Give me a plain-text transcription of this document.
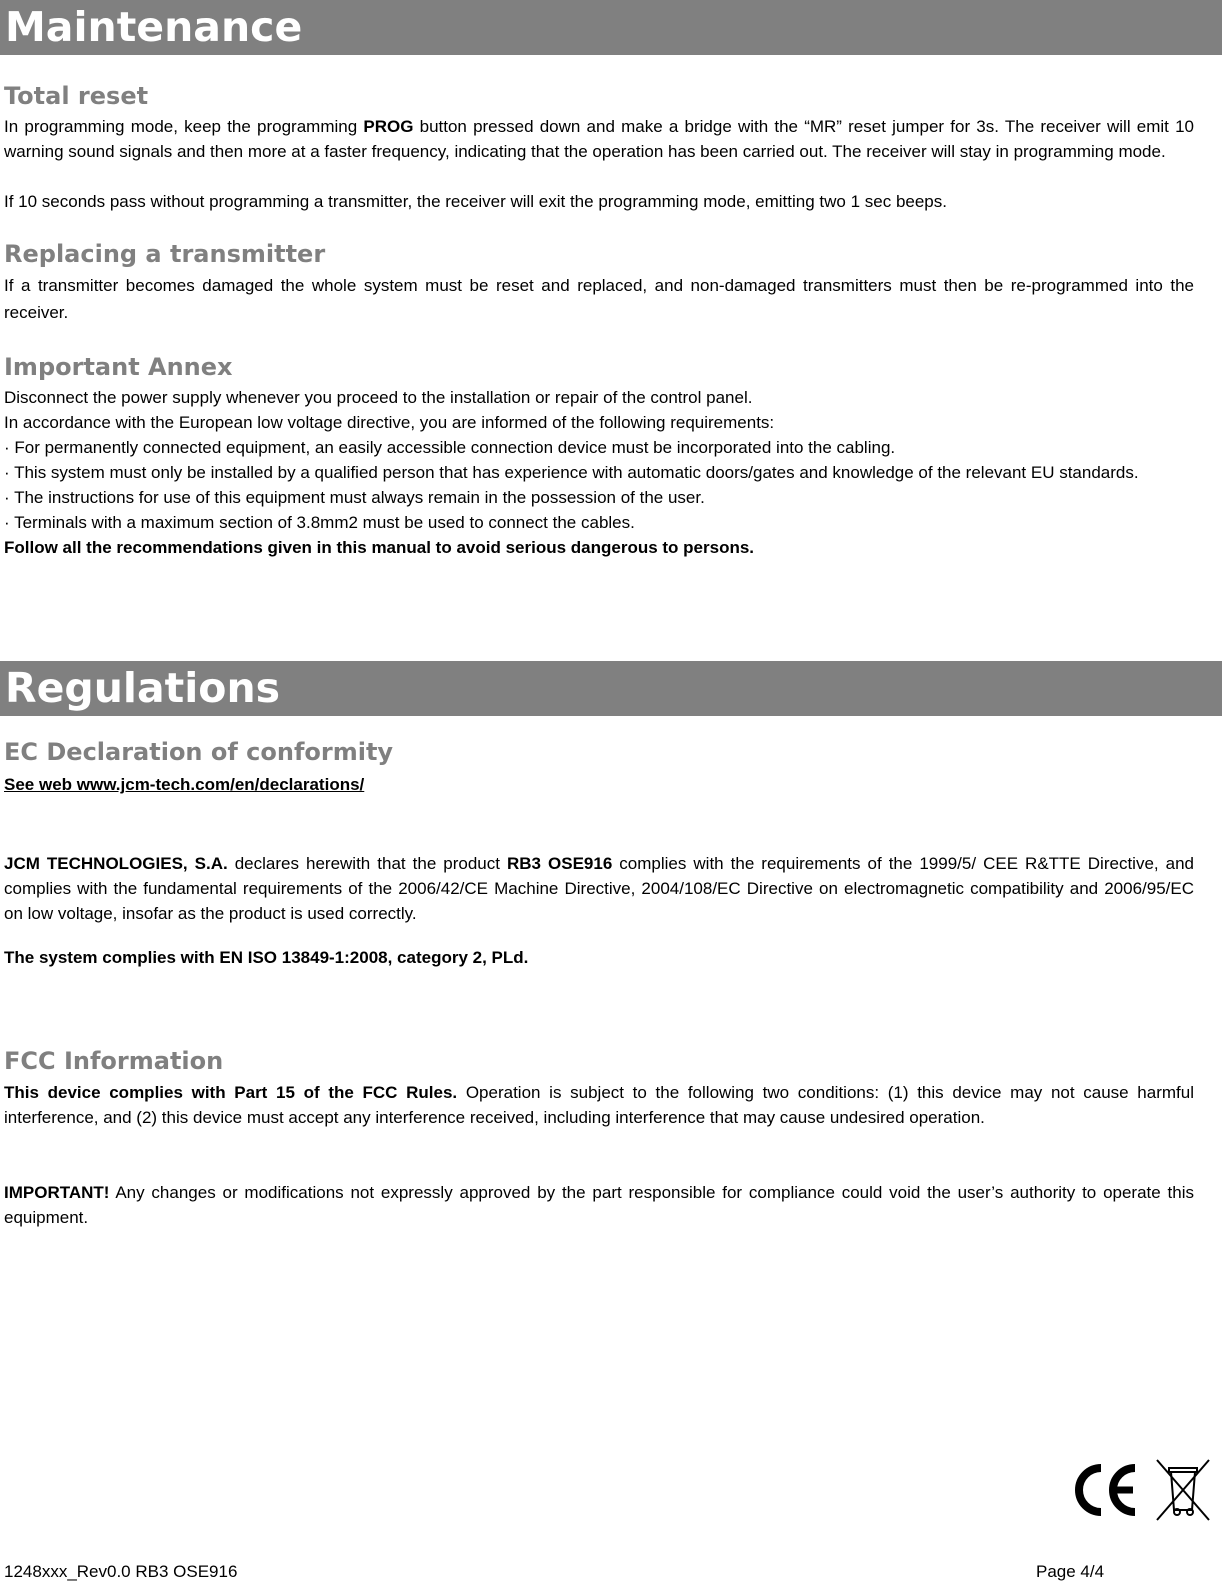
Maintenance
Total reset
In programming mode, keep the programming PROG button pressed down and make a bridge with the “MR” reset jumper for 3s. The receiver will emit 10 warning sound signals and then more at a faster frequency, indicating that the operation has been carried out. The receiver will stay in programming mode.
If 10 seconds pass without programming a transmitter, the receiver will exit the programming mode, emitting two 1 sec beeps.
Replacing a transmitter
If a transmitter becomes damaged the whole system must be reset and replaced, and non-damaged transmitters must then be re-programmed into the receiver.
Important Annex
Disconnect the power supply whenever you proceed to the installation or repair of the control panel.
In accordance with the European low voltage directive, you are informed of the following requirements:
· For permanently connected equipment, an easily accessible connection device must be incorporated into the cabling.
· This system must only be installed by a qualified person that has experience with automatic doors/gates and knowledge of the relevant EU standards.
· The instructions for use of this equipment must always remain in the possession of the user.
· Terminals with a maximum section of 3.8mm2 must be used to connect the cables.
Follow all the recommendations given in this manual to avoid serious dangerous to persons.
Regulations
EC Declaration of conformity
See web www.jcm-tech.com/en/declarations/
JCM TECHNOLOGIES, S.A. declares herewith that the product RB3 OSE916 complies with the requirements of the 1999/5/ CEE R&TTE Directive, and complies with the fundamental requirements of the 2006/42/CE Machine Directive, 2004/108/EC Directive on electromagnetic compatibility and 2006/95/EC on low voltage, insofar as the product is used correctly.
The system complies with EN ISO 13849-1:2008, category 2, PLd.
FCC Information
This device complies with Part 15 of the FCC Rules. Operation is subject to the following two conditions: (1) this device may not cause harmful interference, and (2) this device must accept any interference received, including interference that may cause undesired operation.
IMPORTANT! Any changes or modifications not expressly approved by the part responsible for compliance could void the user’s authority to operate this equipment.
1248xxx_Rev0.0 RB3 OSE916	Page 4/4
